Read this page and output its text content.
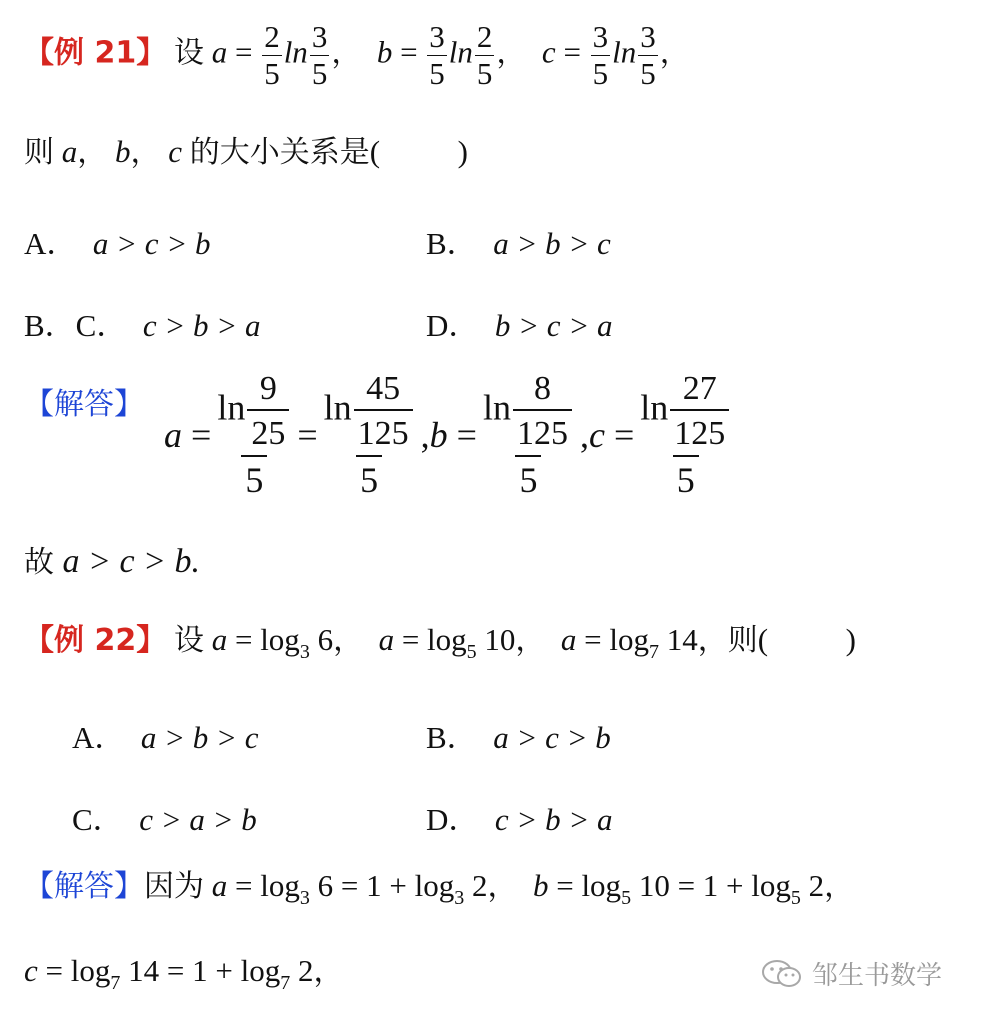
【例 21】 设 $a = \frac{2}{5}$ $\ln \frac{3}{5}$ ， $b = \frac{3}{5}$ $\ln \frac{2}{5}$ ， $c = \frac{3}{5}$ $\ln \frac{3}{5}$ ，
则 a， b， c 的大小关系是(          )
A． a > c > b	B． a > b > c
B．C． c > b > a	D． b > c > a
【解答】
$a = \frac{\ln \frac{9}{25}}{5} = \frac{\ln \frac{45}{125}}{5}$ , $b = \frac{\ln \frac{8}{125}}{5}$ , $c = \frac{\ln \frac{27}{125}}{5}$
故 a > c > b.
【例 22】 设 $a = \log_3 6$， $a = \log_5 10$， $a = \log_7 14$，则(          )
A． a > b > c	B． a > c > b
C． c > a > b	D． c > b > a
【解答】因为 $a = \log_3 6 = 1 + \log_3 2$， $b = \log_5 10 = 1 + \log_5 2$，
$c = \log_7 14 = 1 + \log_7 2$，	邹生书数学
